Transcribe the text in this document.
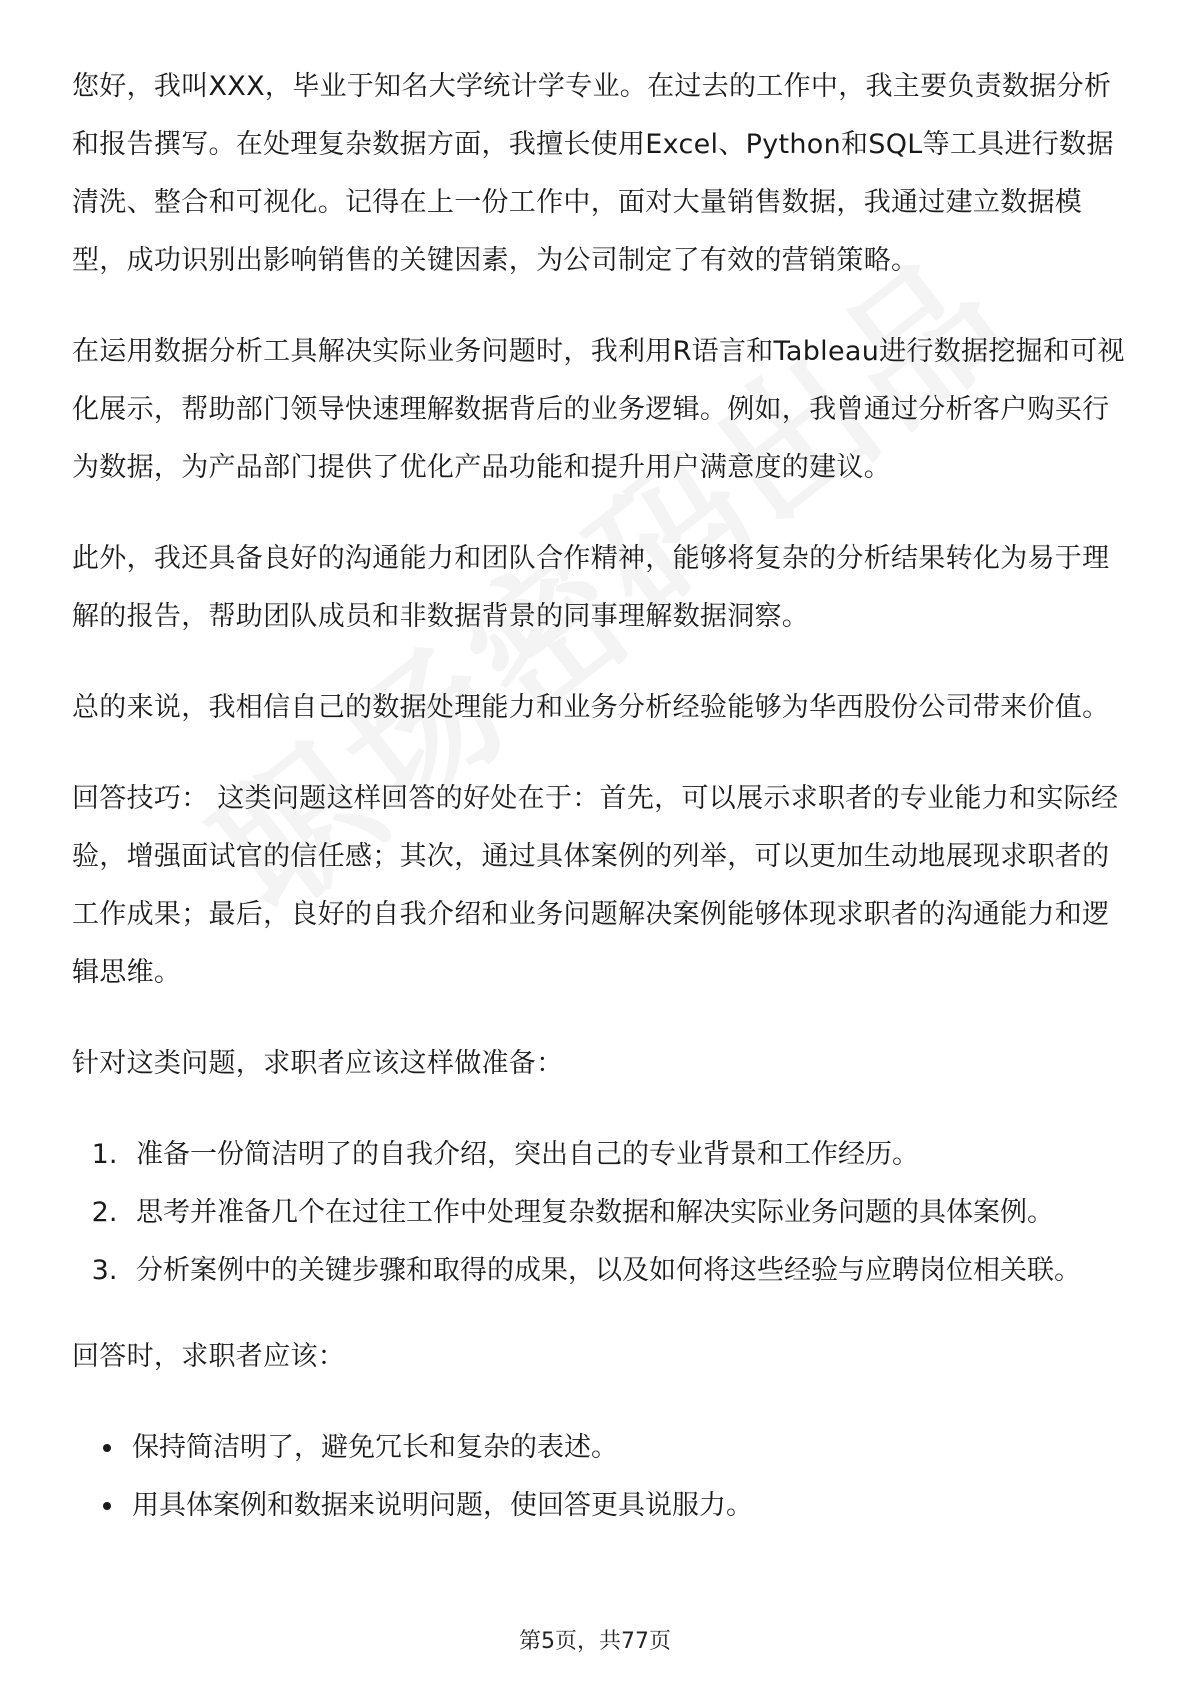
您好，我叫XXX，毕业于知名大学统计学专业。在过去的工作中，我主要负责数据分析和报告撰写。在处理复杂数据方面，我擅长使用Excel、Python和SQL等工具进行数据清洗、整合和可视化。记得在上一份工作中，面对大量销售数据，我通过建立数据模型，成功识别出影响销售的关键因素，为公司制定了有效的营销策略。

在运用数据分析工具解决实际业务问题时，我利用R语言和Tableau进行数据挖掘和可视化展示，帮助部门领导快速理解数据背后的业务逻辑。例如，我曾通过分析客户购买行为数据，为产品部门提供了优化产品功能和提升用户满意度的建议。

此外，我还具备良好的沟通能力和团队合作精神，能够将复杂的分析结果转化为易于理解的报告，帮助团队成员和非数据背景的同事理解数据洞察。

总的来说，我相信自己的数据处理能力和业务分析经验能够为华西股份公司带来价值。

回答技巧： 这类问题这样回答的好处在于：首先，可以展示求职者的专业能力和实际经验，增强面试官的信任感；其次，通过具体案例的列举，可以更加生动地展现求职者的工作成果；最后，良好的自我介绍和业务问题解决案例能够体现求职者的沟通能力和逻辑思维。

针对这类问题，求职者应该这样做准备：

1. 准备一份简洁明了的自我介绍，突出自己的专业背景和工作经历。
2. 思考并准备几个在过往工作中处理复杂数据和解决实际业务问题的具体案例。
3. 分析案例中的关键步骤和取得的成果，以及如何将这些经验与应聘岗位相关联。

回答时，求职者应该：

• 保持简洁明了，避免冗长和复杂的表述。
• 用具体案例和数据来说明问题，使回答更具说服力。
第5页，共77页
